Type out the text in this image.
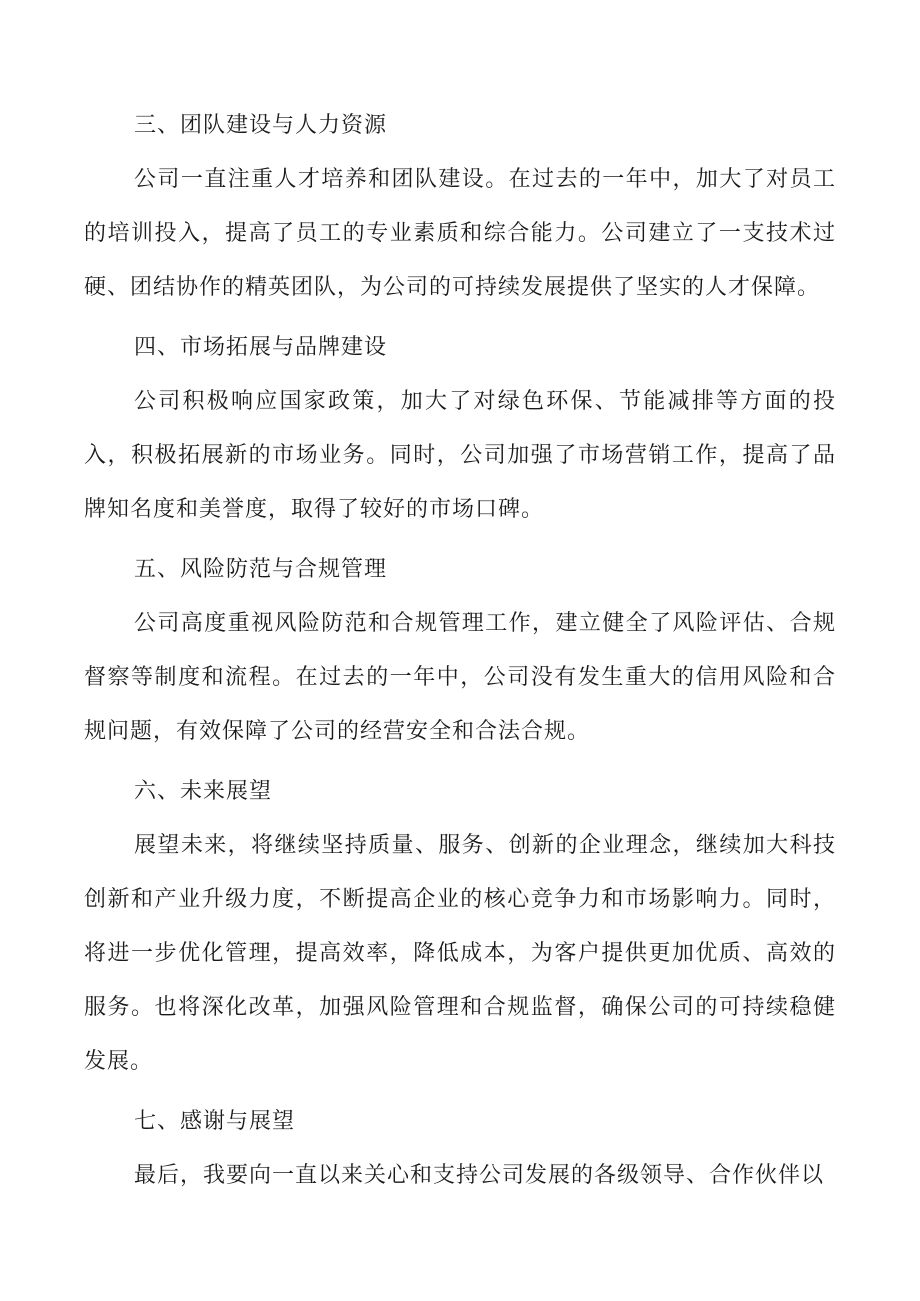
三、团队建设与人力资源

公司一直注重人才培养和团队建设。在过去的一年中，加大了对员工的培训投入，提高了员工的专业素质和综合能力。公司建立了一支技术过硬、团结协作的精英团队，为公司的可持续发展提供了坚实的人才保障。

四、市场拓展与品牌建设

公司积极响应国家政策，加大了对绿色环保、节能减排等方面的投入，积极拓展新的市场业务。同时，公司加强了市场营销工作，提高了品牌知名度和美誉度，取得了较好的市场口碑。

五、风险防范与合规管理

公司高度重视风险防范和合规管理工作，建立健全了风险评估、合规督察等制度和流程。在过去的一年中，公司没有发生重大的信用风险和合规问题，有效保障了公司的经营安全和合法合规。

六、未来展望

展望未来，将继续坚持质量、服务、创新的企业理念，继续加大科技创新和产业升级力度，不断提高企业的核心竞争力和市场影响力。同时，将进一步优化管理，提高效率，降低成本，为客户提供更加优质、高效的服务。也将深化改革，加强风险管理和合规监督，确保公司的可持续稳健发展。

七、感谢与展望

最后，我要向一直以来关心和支持公司发展的各级领导、合作伙伴以
